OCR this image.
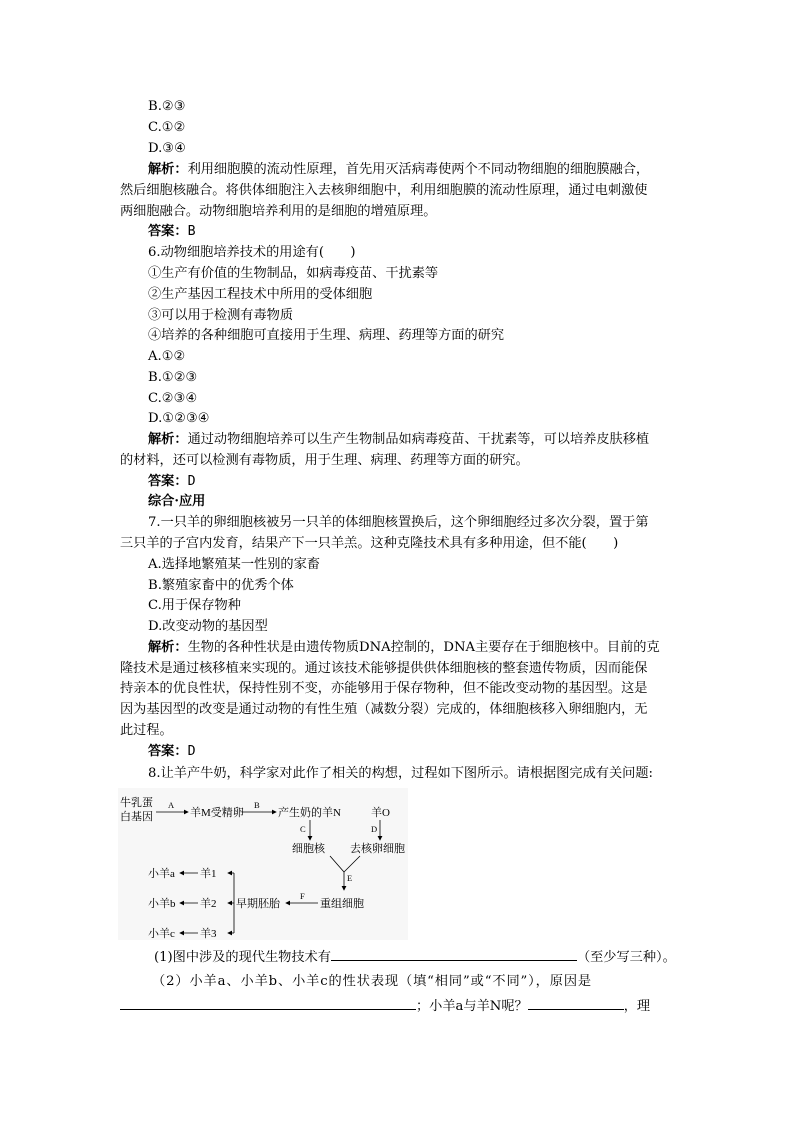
B.②③
C.①②
D.③④
解析：利用细胞膜的流动性原理，首先用灭活病毒使两个不同动物细胞的细胞膜融合，
然后细胞核融合。将供体细胞注入去核卵细胞中，利用细胞膜的流动性原理，通过电刺激使
两细胞融合。动物细胞培养利用的是细胞的增殖原理。
答案：B
6.动物细胞培养技术的用途有(　　)
①生产有价值的生物制品，如病毒疫苗、干扰素等
②生产基因工程技术中所用的受体细胞
③可以用于检测有毒物质
④培养的各种细胞可直接用于生理、病理、药理等方面的研究
A.①②
B.①②③
C.②③④
D.①②③④
解析：通过动物细胞培养可以生产生物制品如病毒疫苗、干扰素等，可以培养皮肤移植
的材料，还可以检测有毒物质，用于生理、病理、药理等方面的研究。
答案：D
综合·应用
7.一只羊的卵细胞核被另一只羊的体细胞核置换后，这个卵细胞经过多次分裂，置于第
三只羊的子宫内发育，结果产下一只羊羔。这种克隆技术具有多种用途，但不能(　　)
A.选择地繁殖某一性别的家畜
B.繁殖家畜中的优秀个体
C.用于保存物种
D.改变动物的基因型
解析：生物的各种性状是由遗传物质DNA控制的，DNA主要存在于细胞核中。目前的克
隆技术是通过核移植来实现的。通过该技术能够提供供体细胞核的整套遗传物质，因而能保
持亲本的优良性状，保持性别不变，亦能够用于保存物种，但不能改变动物的基因型。这是
因为基因型的改变是通过动物的有性生殖（减数分裂）完成的，体细胞核移入卵细胞内，无
此过程。
答案：D
8.让羊产牛奶，科学家对此作了相关的构想，过程如下图所示。请根据图完成有关问题:
牛乳蛋
白基因
A
羊M受精卵
B
产生奶的羊N	羊O
C
细胞核
D
去核卵细胞
E
重组细胞
F
早期胚胎
羊1
羊2
羊3
小羊a
小羊b
小羊c
(1)图中涉及的现代生物技术有	（至少写三种）。
（2）小羊a、小羊b、小羊c的性状表现（填“相同”或“不同”），原因是
；小羊a与羊N呢？	，理
